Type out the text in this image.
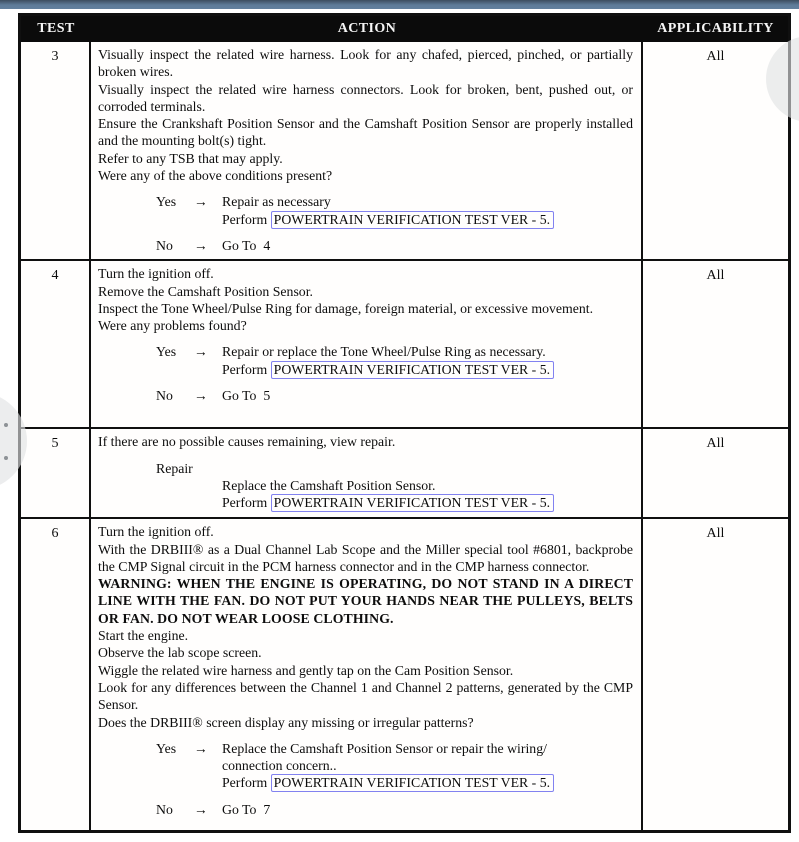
TEST	ACTION	APPLICABILITY
3	Visually inspect the related wire harness. Look for any chafed, pierced, pinched, or partially broken wires.
Visually inspect the related wire harness connectors. Look for broken, bent, pushed out, or corroded terminals.
Ensure the Crankshaft Position Sensor and the Camshaft Position Sensor are properly installed and the mounting bolt(s) tight.
Refer to any TSB that may apply.
Were any of the above conditions present?
Yes	→	Repair as necessary
Perform POWERTRAIN VERIFICATION TEST VER - 5.
No	→	Go To  4
All
4	Turn the ignition off.
Remove the Camshaft Position Sensor.
Inspect the Tone Wheel/Pulse Ring for damage, foreign material, or excessive movement.
Were any problems found?
Yes	→	Repair or replace the Tone Wheel/Pulse Ring as necessary.
Perform POWERTRAIN VERIFICATION TEST VER - 5.
No	→	Go To  5
All
5	If there are no possible causes remaining, view repair.
Repair
Replace the Camshaft Position Sensor.
Perform POWERTRAIN VERIFICATION TEST VER - 5.
All
6	Turn the ignition off.
With the DRBIII® as a Dual Channel Lab Scope and the Miller special tool #6801, backprobe the CMP Signal circuit in the PCM harness connector and in the CMP harness connector.
WARNING: WHEN THE ENGINE IS OPERATING, DO NOT STAND IN A DIRECT LINE WITH THE FAN. DO NOT PUT YOUR HANDS NEAR THE PULLEYS, BELTS OR FAN. DO NOT WEAR LOOSE CLOTHING.
Start the engine.
Observe the lab scope screen.
Wiggle the related wire harness and gently tap on the Cam Position Sensor.
Look for any differences between the Channel 1 and Channel 2 patterns, generated by the CMP Sensor.
Does the DRBIII® screen display any missing or irregular patterns?
Yes	→	Replace the Camshaft Position Sensor or repair the wiring/
connection concern..
Perform POWERTRAIN VERIFICATION TEST VER - 5.
No	→	Go To  7
All
